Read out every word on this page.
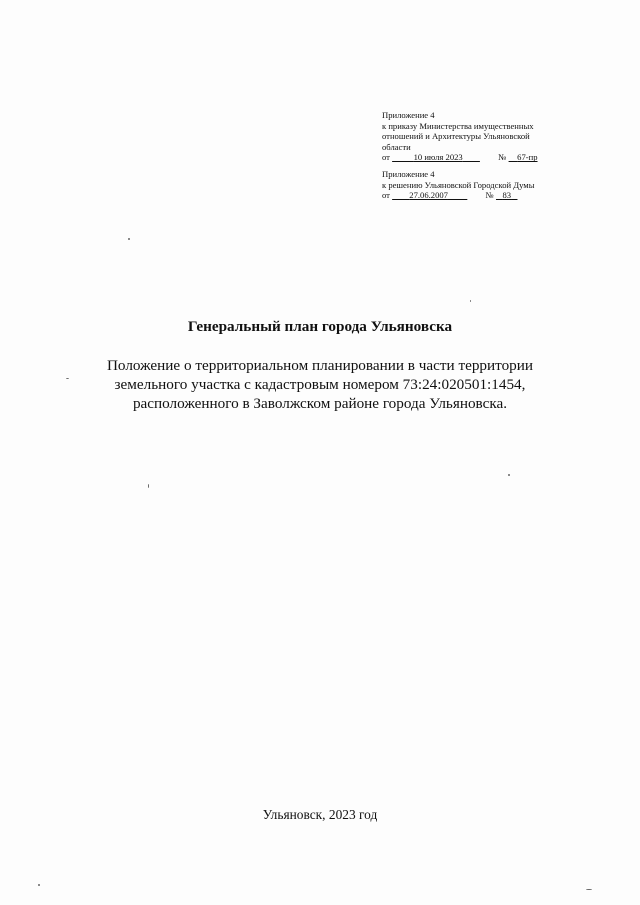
Приложение 4
к приказу Министерства имущественных
отношений и Архитектуры Ульяновской
области
от	10 июля 2023	№ 67-пр
Приложение 4
к решению Ульяновской Городской Думы
от 27.06.2007	№ 83
Генеральный план города Ульяновска
Положение о территориальном планировании в части территории
земельного участка с кадастровым номером 73:24:020501:1454,
расположенного в Заволжском районе города Ульяновска.
Ульяновск, 2023 год
